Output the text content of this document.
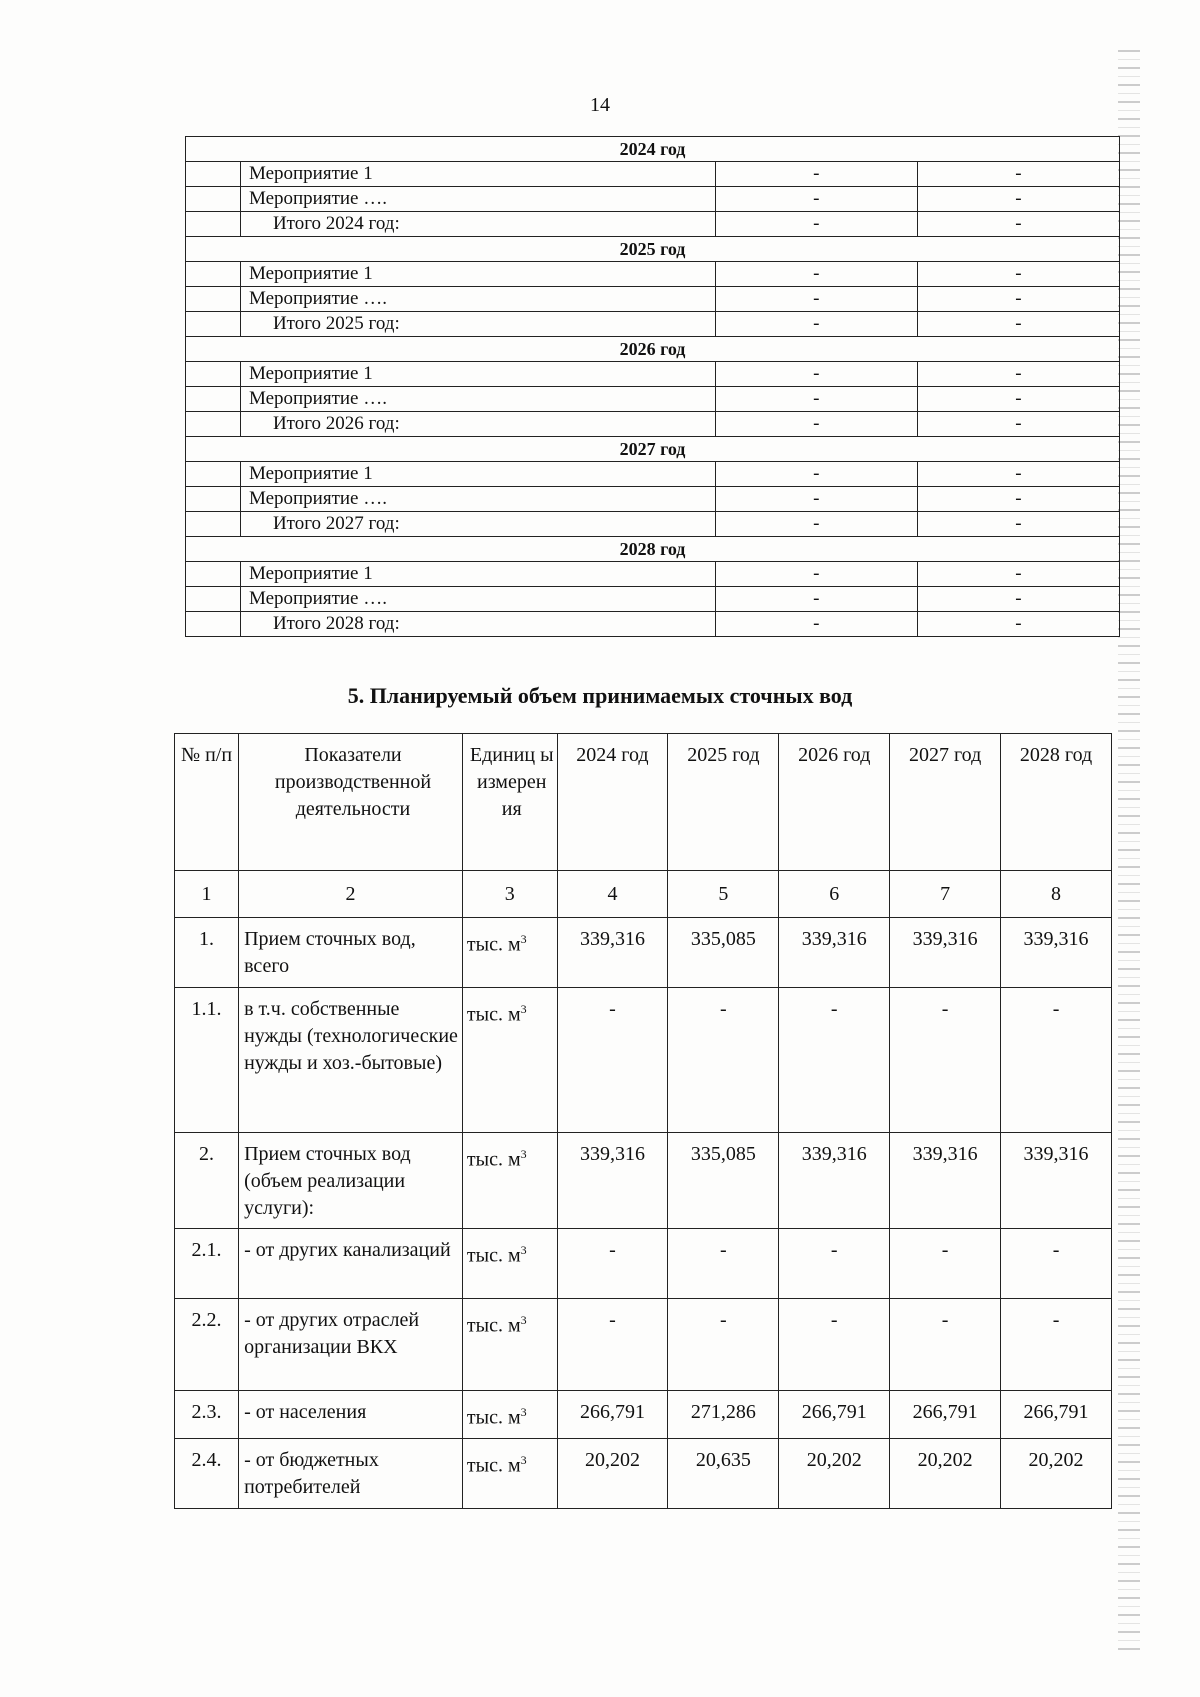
14
2024 год			
	Мероприятие 1	-	-
	Мероприятие ….	-	-
	Итого 2024 год:	-	-
2025 год			
	Мероприятие 1	-	-
	Мероприятие ….	-	-
	Итого 2025 год:	-	-
2026 год			
	Мероприятие 1	-	-
	Мероприятие ….	-	-
	Итого 2026 год:	-	-
2027 год			
	Мероприятие 1	-	-
	Мероприятие ….	-	-
	Итого 2027 год:	-	-
2028 год			
	Мероприятие 1	-	-
	Мероприятие ….	-	-
	Итого 2028 год:	-	-
5. Планируемый объем принимаемых сточных вод
№ п/п	Показатели производственной деятельности	Единиц ы измерен ия	2024 год	2025 год	2026 год	2027 год	2028 год
1	2	3	4	5	6	7	8
1.	Прием сточных вод, всего	тыс. $м^3$	339,316	335,085	339,316	339,316	339,316
1.1.	в т.ч. собственные нужды (технологические нужды и хоз.-бытовые)	тыс. $м^3$	-	-	-	-	-
2.	Прием сточных вод (объем реализации услуги):	тыс. $м^3$	339,316	335,085	339,316	339,316	339,316
2.1.	- от других канализаций	тыс. $м^3$	-	-	-	-	-
2.2.	- от других отраслей организации ВКХ	тыс. $м^3$	-	-	-	-	-
2.3.	- от населения	тыс. $м^3$	266,791	271,286	266,791	266,791	266,791
2.4.	- от бюджетных потребителей	тыс. $м^3$	20,202	20,635	20,202	20,202	20,202
